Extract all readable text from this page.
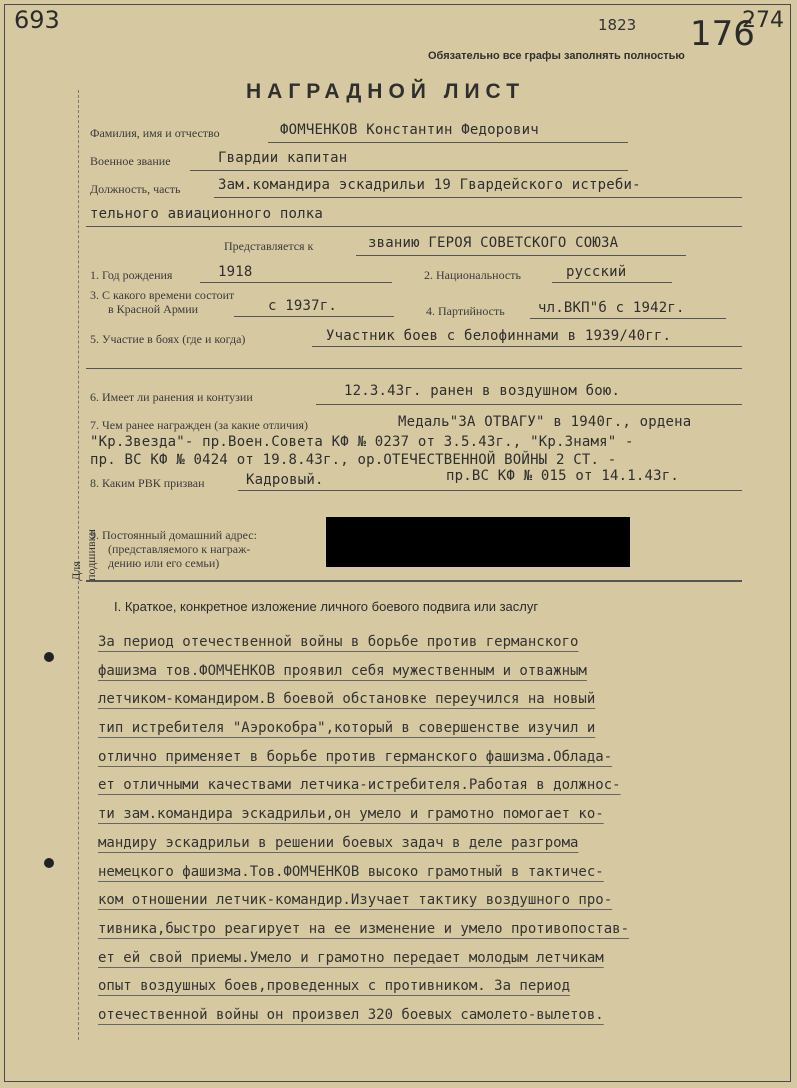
693	1823 176
274
Обязательно все графы заполнять полностью
НАГРАДНОЙ ЛИСТ
Фамилия, имя и отчество	ФОМЧЕНКОВ Константин Федорович
Военное звание	Гвардии капитан
Должность, часть	Зам.командира эскадрильи 19 Гвардейского истреби-
тельного авиационного полка
Представляется к	званию ГЕРОЯ СОВЕТСКОГО СОЮЗА
1. Год рождения	1918	2. Национальность	русский
3. С какого времени состоит
в Красной Армии	с 1937г.	4. Партийность чл.ВКП"б с 1942г.
5. Участие в боях (где и когда)	Участник боев с белофиннами в 1939/40гг.
6. Имеет ли ранения и контузии	12.3.43г. ранен в воздушном бою.
7. Чем ранее награжден (за какие отличия)	Медаль"ЗА ОТВАГУ" в 1940г., ордена
"Кр.Звезда"- пр.Воен.Совета КФ № 0237 от 3.5.43г., "Кр.Знамя" -
пр. ВС КФ № 0424 от 19.8.43г., ор.ОТЕЧЕСТВЕННОЙ ВОЙНЫ 2 СТ. -
8. Каким РВК призван	Кадровый.	пр.ВС КФ № 015 от 14.1.43г.
9. Постоянный домашний адрес:
(представляемого к награж-
дению или его семьи)
Для подшивки
I. Краткое, конкретное изложение личного боевого подвига или заслуг
За период отечественной войны в борьбе против германского
фашизма тов.ФОМЧЕНКОВ проявил себя мужественным и отважным
летчиком-командиром.В боевой обстановке переучился на новый
тип истребителя "Аэрокобра",который в совершенстве изучил и
отлично применяет в борьбе против германского фашизма.Облада-
ет отличными качествами летчика-истребителя.Работая в должнос-
ти зам.командира эскадрильи,он умело и грамотно помогает ко-
мандиру эскадрильи в решении боевых задач в деле разгрома
немецкого фашизма.Тов.ФОМЧЕНКОВ высоко грамотный в тактичес-
ком отношении летчик-командир.Изучает тактику воздушного про-
тивника,быстро реагирует на ее изменение и умело противопостав-
ет ей свой приемы.Умело и грамотно передает молодым летчикам
опыт воздушных боев,проведенных с противником. За период
отечественной войны он произвел 320 боевых самолето-вылетов.
